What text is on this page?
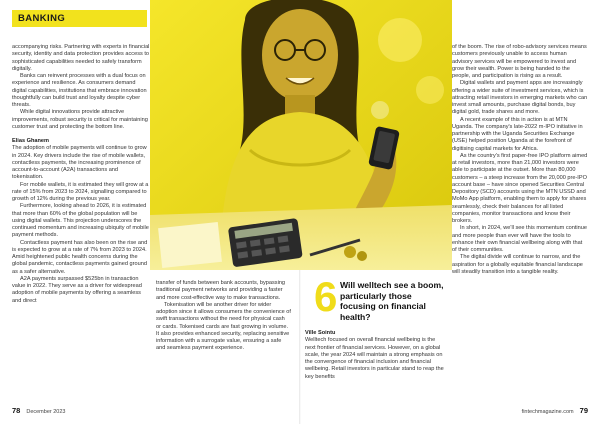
BANKING

accompanying risks. Partnering with experts in financial security, identity and data protection provides access to sophisticated capabilities needed to safely transform digitally.

Banks can reinvent processes with a dual focus on experience and resilience. As consumers demand digital capabilities, institutions that embrace innovation thoughtfully can build trust and loyalty despite cyber threats.

While digital innovations provide attractive improvements, robust security is critical for maintaining customer trust and protecting the bottom line.

Elias Ghanem

The adoption of mobile payments will continue to grow in 2024. Key drivers include the rise of mobile wallets, contactless payments, the increasing prominence of account-to-account (A2A) transactions and tokenisation.

For mobile wallets, it is estimated they will grow at a rate of 15% from 2023 to 2024, signalling compared to growth of 12% during the previous year.

Furthermore, looking ahead to 2026, it is estimated that more than 60% of the global population will be using digital wallets. This projection underscores the continued momentum and increasing ubiquity of mobile payment methods.

Contactless payment has also been on the rise and is expected to grow at a rate of 7% from 2023 to 2024. Amid heightened public health concerns during the global pandemic, contactless payments gained ground as a safer alternative.

A2A payments surpassed $525bn in transaction value in 2022. They serve as a driver for widespread adoption of mobile payments by offering a seamless and direct	6 Will welltech see a boom, particularly those focusing on financial health?

transfer of funds between bank accounts, bypassing traditional payment networks and providing a faster and more cost-effective way to make transactions.

Tokenisation will be another driver for wider adoption since it allows consumers the convenience of swift transactions without the need for physical cash or cards. Tokenised cards are fast growing in volume. It also provides enhanced security, replacing sensitive information with a surrogate value, ensuring a safe and seamless payment experience.

Ville Sointu

Welltech focused on overall financial wellbeing is the next frontier of financial services. However, on a global scale, the year 2024 will maintain a strong emphasis on the convergence of financial inclusion and financial wellbeing. Retail investors in particular stand to reap the key benefits

of the boom. The rise of robo-advisory services means customers previously unable to access human advisory services will be empowered to invest and grow their wealth. Power is being handed to the people, and participation is rising as a result.

Digital wallets and payment apps are increasingly offering a wider suite of investment services, which is attracting retail investors in emerging markets who can invest small amounts, purchase digital bonds, buy digital gold, trade shares and more.

A recent example of this in action is at MTN Uganda. The company's late-2022 m-IPO initiative in partnership with the Uganda Securities Exchange (USE) helped position Uganda at the forefront of digitising capital markets for Africa.

As the country's first paper-free IPO platform aimed at retail investors, more than 21,000 investors were able to participate at the outset. More than 80,000 customers – a steep increase from the 20,000 pre-IPO account base – have since opened Securities Central Depository (SCD) accounts using the MTN USSD and MoMo App platform, enabling them to apply for shares seamlessly, check their balances for all listed companies, monitor transactions and know their brokers.

In short, in 2024, we'll see this momentum continue and more people than ever will have the tools to enhance their own financial wellbeing along with that of their communities.

The digital divide will continue to narrow, and the aspiration for a globally equitable financial landscape will steadily transition into a tangible reality.

78 December 2023	fintechmagazine.com 79
